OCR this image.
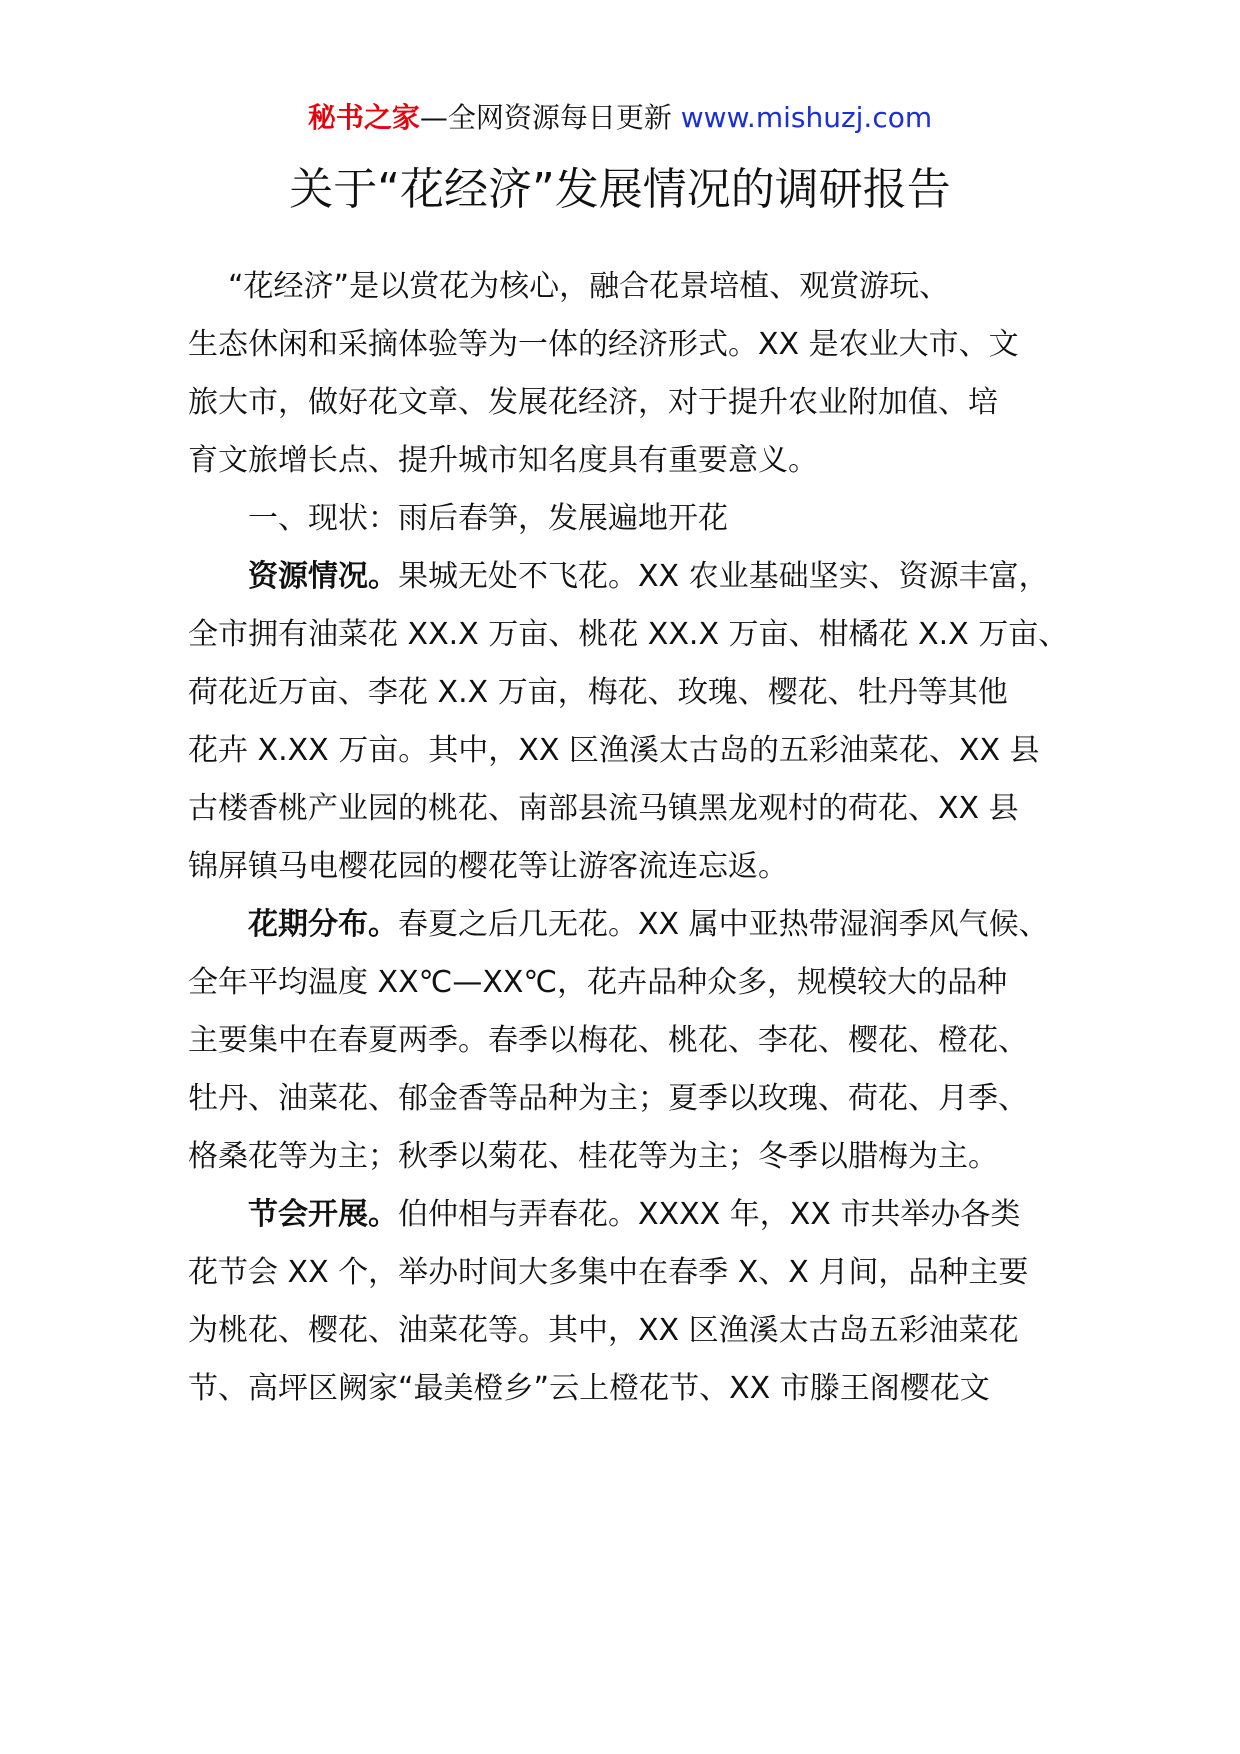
秘书之家—全网资源每日更新 www.mishuzj.com
关于“花经济”发展情况的调研报告
“花经济”是以赏花为核心，融合花景培植、观赏游玩、
生态休闲和采摘体验等为一体的经济形式。XX 是农业大市、文
旅大市，做好花文章、发展花经济，对于提升农业附加值、培
育文旅增长点、提升城市知名度具有重要意义。
一、现状：雨后春笋，发展遍地开花
资源情况。果城无处不飞花。XX 农业基础坚实、资源丰富，
全市拥有油菜花 XX.X 万亩、桃花 XX.X 万亩、柑橘花 X.X 万亩、
荷花近万亩、李花 X.X 万亩，梅花、玫瑰、樱花、牡丹等其他
花卉 X.XX 万亩。其中，XX 区渔溪太古岛的五彩油菜花、XX 县
古楼香桃产业园的桃花、南部县流马镇黑龙观村的荷花、XX 县
锦屏镇马电樱花园的樱花等让游客流连忘返。
花期分布。春夏之后几无花。XX 属中亚热带湿润季风气候、
全年平均温度 XX℃—XX℃，花卉品种众多，规模较大的品种
主要集中在春夏两季。春季以梅花、桃花、李花、樱花、橙花、
牡丹、油菜花、郁金香等品种为主；夏季以玫瑰、荷花、月季、
格桑花等为主；秋季以菊花、桂花等为主；冬季以腊梅为主。
节会开展。伯仲相与弄春花。XXXX 年，XX 市共举办各类
花节会 XX 个，举办时间大多集中在春季 X、X 月间，品种主要
为桃花、樱花、油菜花等。其中，XX 区渔溪太古岛五彩油菜花
节、高坪区阙家“最美橙乡”云上橙花节、XX 市滕王阁樱花文
